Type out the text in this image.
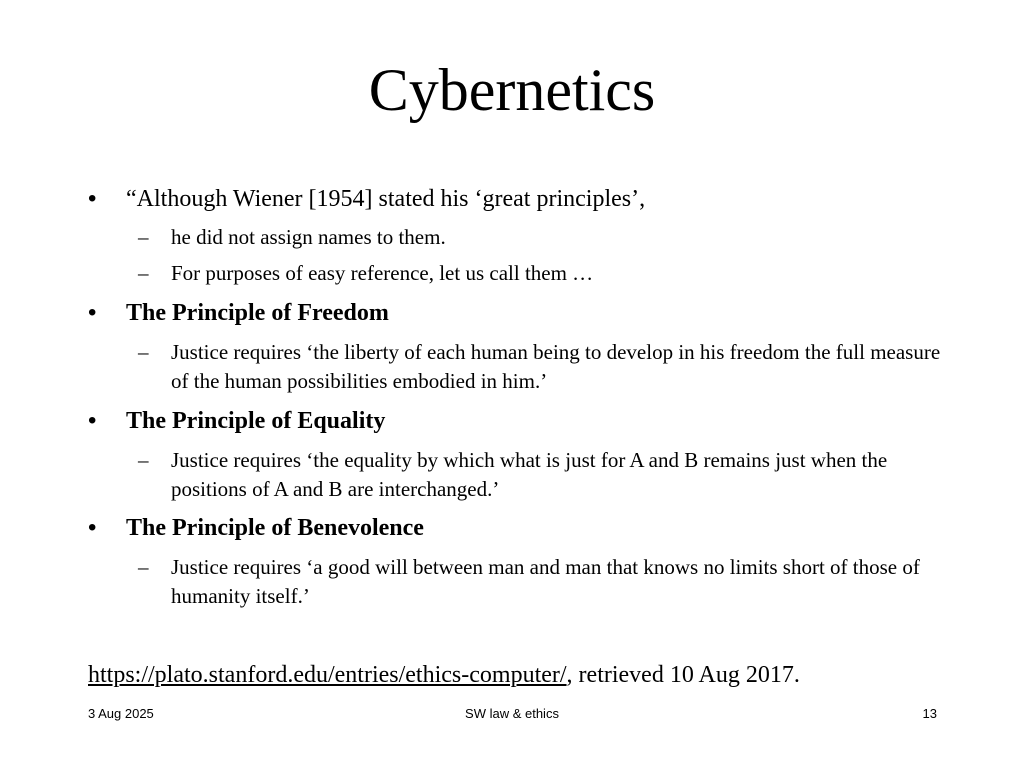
Cybernetics
• “Although Wiener [1954] stated his ‘great principles’,
– he did not assign names to them.
– For purposes of easy reference, let us call them …
• The Principle of Freedom
– Justice requires ‘the liberty of each human being to develop in his freedom the full measure of the human possibilities embodied in him.’
• The Principle of Equality
– Justice requires ‘the equality by which what is just for A and B remains just when the positions of A and B are interchanged.’
• The Principle of Benevolence
– Justice requires ‘a good will between man and man that knows no limits short of those of humanity itself.’
https://plato.stanford.edu/entries/ethics-computer/, retrieved 10 Aug 2017.
3 Aug 2025	SW law & ethics	13
